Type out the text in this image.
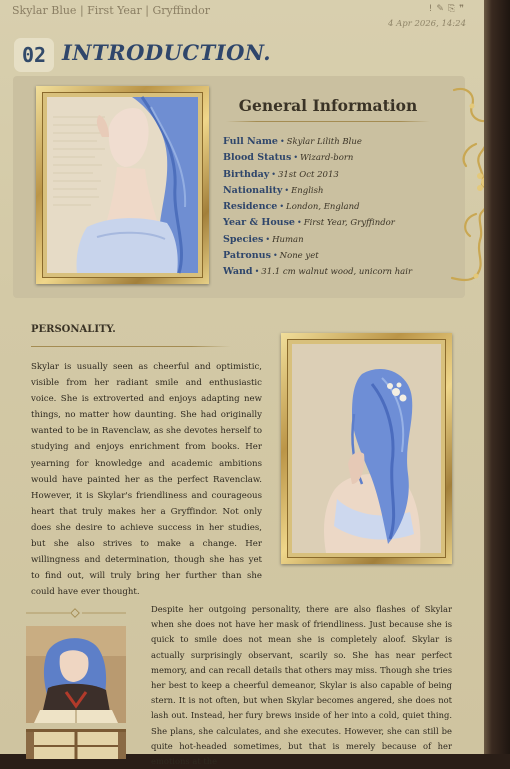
Skylar Blue | First Year | Gryffindor	! ✎ ⎘ ❞
4 Apr 2026, 14:24
02 INTRODUCTION.
General Information
Full Name • Skylar Lilith Blue
Blood Status • Wizard-born
Birthday • 31st Oct 2013
Nationality • English
Residence • London, England
Year & House • First Year, Gryffindor
Species • Human
Patronus • None yet
Wand • 31.1 cm walnut wood, unicorn hair
PERSONALITY.
Skylar is usually seen as cheerful and optimistic, visible from her radiant smile and enthusiastic voice. She is extroverted and enjoys adapting new things, no matter how daunting. She had originally wanted to be in Ravenclaw, as she devotes herself to studying and enjoys enrichment from books. Her yearning for knowledge and academic ambitions would have painted her as the perfect Ravenclaw. However, it is Skylar's friendliness and courageous heart that truly makes her a Gryffindor. Not only does she desire to achieve success in her studies, but she also strives to make a change. Her willingness and determination, though she has yet to find out, will truly bring her further than she could have ever thought.
Despite her outgoing personality, there are also flashes of Skylar when she does not have her mask of friendliness. Just because she is quick to smile does not mean she is completely aloof. Skylar is actually surprisingly observant, scarily so. She has near perfect memory, and can recall details that others may miss. Though she tries her best to keep a cheerful demeanor, Skylar is also capable of being stern. It is not often, but when Skylar becomes angered, she does not lash out. Instead, her fury brews inside of her into a cold, quiet thing. She plans, she calculates, and she executes. However, she can still be quite hot-headed sometimes, but that is merely because of her emotions at the
